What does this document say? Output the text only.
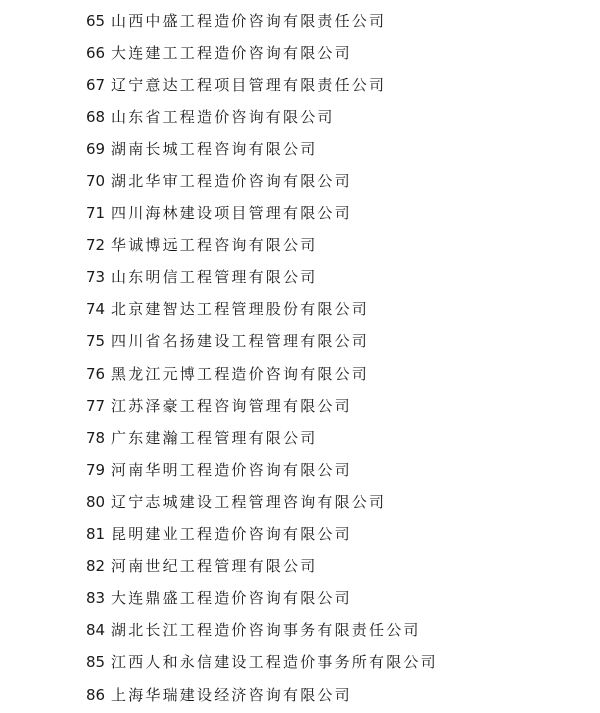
65 山西中盛工程造价咨询有限责任公司
66 大连建工工程造价咨询有限公司
67 辽宁意达工程项目管理有限责任公司
68 山东省工程造价咨询有限公司
69 湖南长城工程咨询有限公司
70 湖北华审工程造价咨询有限公司
71 四川海林建设项目管理有限公司
72 华诚博远工程咨询有限公司
73 山东明信工程管理有限公司
74 北京建智达工程管理股份有限公司
75 四川省名扬建设工程管理有限公司
76 黑龙江元博工程造价咨询有限公司
77 江苏泽豪工程咨询管理有限公司
78 广东建瀚工程管理有限公司
79 河南华明工程造价咨询有限公司
80 辽宁志城建设工程管理咨询有限公司
81 昆明建业工程造价咨询有限公司
82 河南世纪工程管理有限公司
83 大连鼎盛工程造价咨询有限公司
84 湖北长江工程造价咨询事务有限责任公司
85 江西人和永信建设工程造价事务所有限公司
86 上海华瑞建设经济咨询有限公司
